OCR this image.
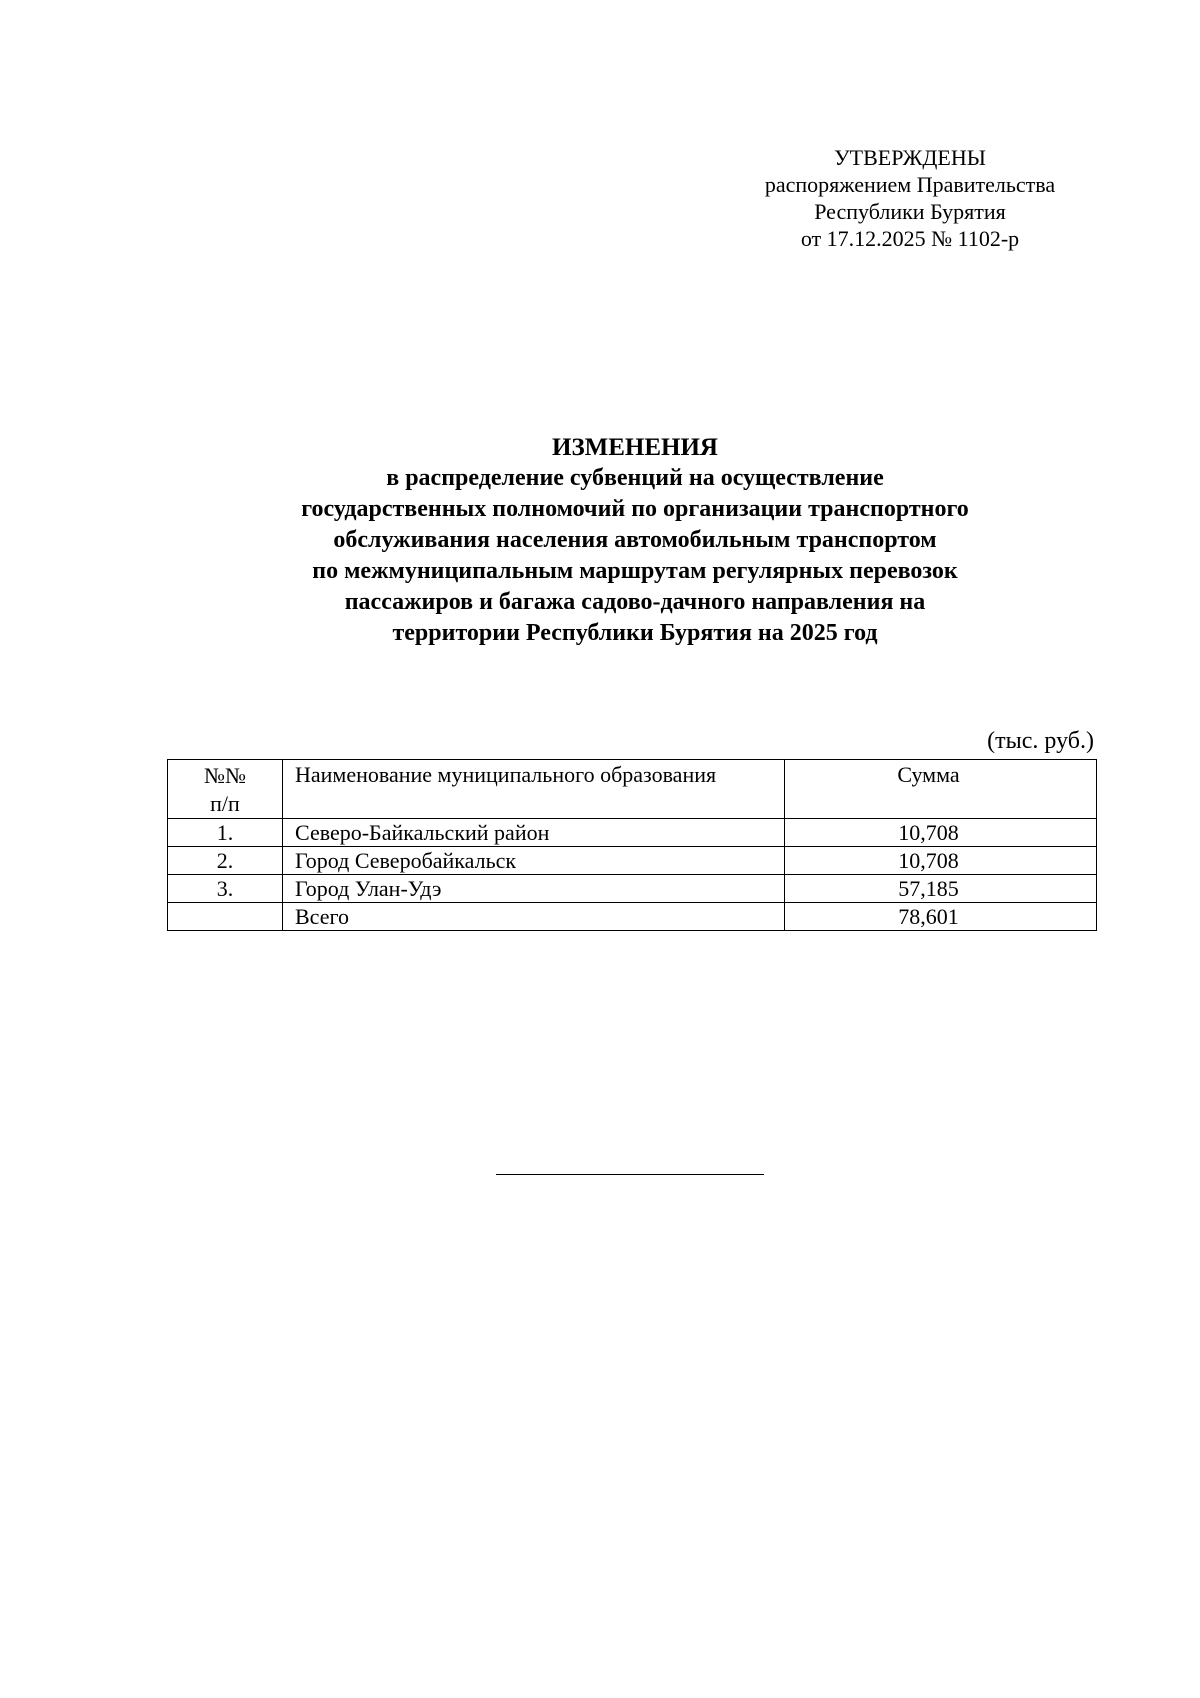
УТВЕРЖДЕНЫ
распоряжением Правительства
Республики Бурятия
от 17.12.2025 № 1102-р
ИЗМЕНЕНИЯ
в распределение субвенций на осуществление
государственных полномочий по организации транспортного
обслуживания населения автомобильным транспортом
по межмуниципальным маршрутам регулярных перевозок
пассажиров и багажа садово-дачного направления на
территории Республики Бурятия на 2025 год
(тыс. руб.)
№№
п/п	Наименование муниципального образования	Сумма
1.	Северо-Байкальский район	10,708
2.	Город Северобайкальск	10,708
3.	Город Улан-Удэ	57,185
	Всего	78,601
